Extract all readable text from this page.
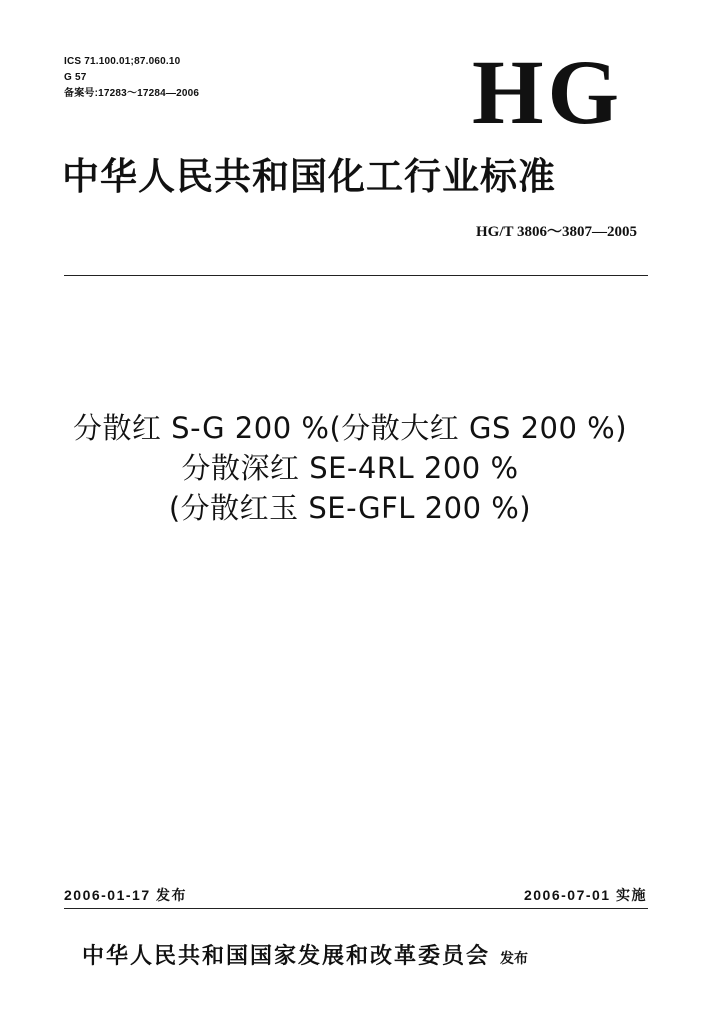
ICS 71.100.01;87.060.10
G 57
备案号:17283～17284—2006	HG
中华人民共和国化工行业标准
HG/T 3806～3807—2005
分散红 S-G 200 %(分散大红 GS 200 %)
分散深红 SE-4RL 200 %
(分散红玉 SE-GFL 200 %)
2006-01-17 发布	2006-07-01 实施
中华人民共和国国家发展和改革委员会 发布
